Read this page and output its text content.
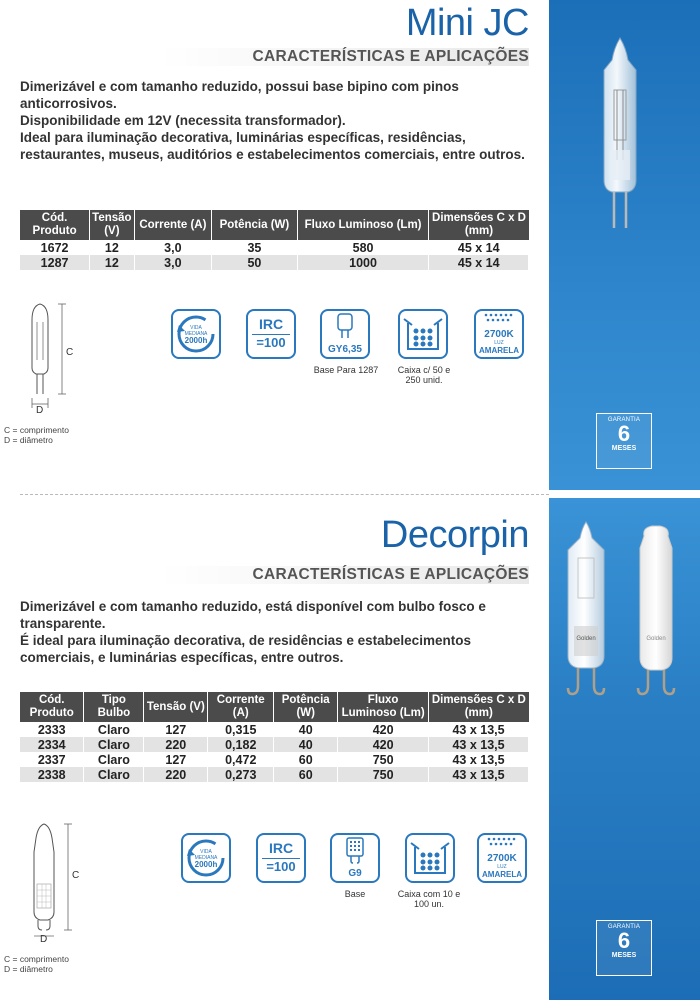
Mini JC
CARACTERÍSTICAS E APLICAÇÕES

Dimerizável e com tamanho reduzido, possui base bipino com pinos anticorrosivos.

Disponibilidade em 12V (necessita transformador).

Ideal para iluminação decorativa, luminárias específicas, residências, restaurantes, museus, auditórios e estabelecimentos comerciais, entre outros.

Cód. Produto	Tensão (V)	Corrente (A)	Potência (W)	Fluxo Luminoso (Lm)	Dimensões C x D (mm)
1672	12	3,0	35	580	45 x 14
1287	12	3,0	50	1000	45 x 14
C
D
C = comprimento
D = diâmetro
VIDA
MEDIANA
2000h
IRC
=100	GY6,35
Base Para 1287	Caixa c/ 50 e 250 unid.
2700K
LUZ
AMARELA
GARANTIA
6
MESES
Decorpin
CARACTERÍSTICAS E APLICAÇÕES

Dimerizável e com tamanho reduzido, está disponível com bulbo fosco e transparente.

É ideal para iluminação decorativa, de residências e estabelecimentos comerciais, e luminárias específicas, entre outros.

Cód. Produto	Tipo Bulbo	Tensão (V)	Corrente (A)	Potência (W)	Fluxo Luminoso (Lm)	Dimensões C x D (mm)
2333	Claro	127	0,315	40	420	43 x 13,5
2334	Claro	220	0,182	40	420	43 x 13,5
2337	Claro	127	0,472	60	750	43 x 13,5
2338	Claro	220	0,273	60	750	43 x 13,5
C
D
C = comprimento
D = diâmetro
VIDA
MEDIANA
2000h
IRC
=100	G9
Base	Caixa com 10 e 100 un.
2700K
LUZ
AMARELA
Golden	Golden
GARANTIA
6
MESES
